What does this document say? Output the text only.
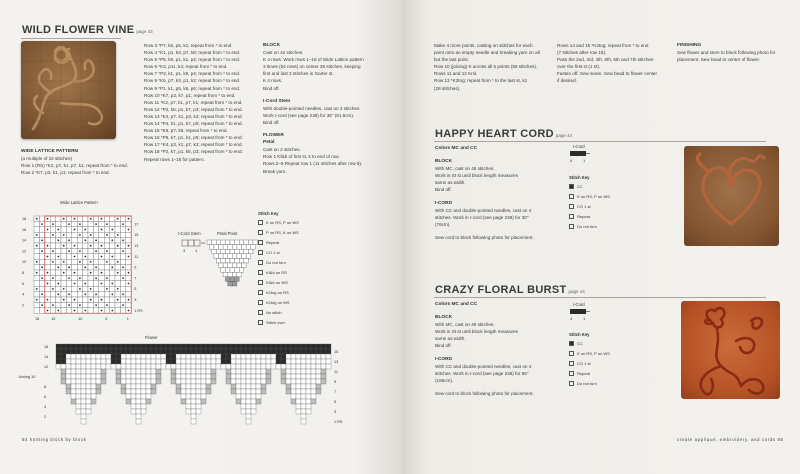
WILD FLOWER VINE page 43

WIDE LATTICE PATTERN

(a multiple of 16 stitches)

Row 1 (RS) *K2, p7, k1, p7, k1; repeat from * to end.

Row 2 *K7, p3, k1, p1; repeat from * to end.

Row 3 *P7, k5, p5, k1; repeat from * to end.

Row 4 *K1, p1, k3, p7, k8; repeat from * to end.

Row 5 *P5, k9, p1, k1, p2; repeat from * to end.

Row 6 *K3, p11, k4; repeat from * to end.

Row 7 *P3, k1, p1, k9, p4; repeat from * to end.

Row 8 *K5, p7, k3, p1, k2; repeat from * to end.

Row 9 *P1, k1, p5, k5, p6; repeat from * to end.

Row 10 *K7, p3, k7, p1; repeat from * to end.

Row 11 *K2, p7, k1, p7, k1; repeat from * to end.

Row 12 *P2, k5, p1, k7, p3; repeat from * to end.

Row 13 *K4, p7, k1, p3, k3; repeat from * to end.

Row 14 *P4, k1, p1, k7, p5; repeat from * to end.

Row 15 *K6, p7, k5; repeat from * to end.

Row 16 *P6, k7, p1, k1, p5; repeat from * to end.

Row 17 *K4, p3, k1, p7, k3; repeat from * to end.

Row 18 *P2, k7, p1, k5, p3; repeat from * to end.

Repeat rows 1–18 for pattern.

BLOCK

Cast on 42 stitches.

K 4 rows. Work rows 1–18 of Wide Lattice pattern

3 times (54 rows) on center 36 stitches, keeping

first and last 3 stitches in Garter st.

K 4 rows.

Bind off.

I-Cord Stem

With double-pointed needles, cast on 3 stitches.

Work I-cord (see page 238) for 36" (91.5cm).

Bind off.

FLOWER

Petal

Cast on 2 stitches.

Row 1 Kf&b of first st, k to end of row.

Rows 2–9 Repeat row 1 (11 stitches after row 9).

Break yarn.

Wide Lattice Pattern
18
16
14
12
10
8
6
4
2
17
15
13
11
9
7
5
3
1 RS
18	15	10	5	1
I-Cord Stem
3 1
Petal Point
Stitch Key
K on RS, P on WS
P on RS, K on WS
Repeat
CO 1 st
Do not turn
Kf&b on RS
Kf&b on WS
K2tog on RS
K2tog on WS
No stitch
Stitch over
Flower
16
14
12
Joining 10
8
6
4
2
15
13
11
9
7
5
3
1 RS
84 knitting block by block

Make 4 more points, casting on stitches for each

point onto an empty needle and breaking yarn on all

but the last point.

Row 10 (joining) K across all 5 points (55 stitches).

Rows 11 and 12 Knit.

Row 13 *K2tog; repeat from * to the last st, k1

(28 stitches).

Rows 14 and 15 *K2tog; repeat from * to end

(7 stitches after row 15).

Pass the 2nd, 3rd, 4th, 5th, 6th and 7th stitches

over the first st (1 st).

Fasten off. Sew seam. Sew bead to flower center

if desired.

FINISHING

Sew flower and stem to block following photo for

placement. Sew bead to center of flower.

HAPPY HEART CORD page 44

Colors MC and CC

BLOCK

With MC, cast on 45 stitches.

Work in St st until block length measures

same as width.

Bind off.

I-CORD

With CC and double-pointed needles, cast on 4

stitches. Work in I-cord (see page 238) for 30"

(76cm).

Sew cord to block following photo for placement.

I-Cord
4	1
Stitch Key
CC
K on RS, P on WS
CO 1 st
Repeat
Do not turn
CRAZY FLORAL BURST page 44

Colors MC and CC

BLOCK

With MC, cast on 45 stitches.

Work in St st until block length measures

same as width.

Bind off.

I-CORD

With CC and double-pointed needles, cast on 4

stitches. Work in I-cord (see page 238) for 65"

(165cm).

Sew cord to block following photo for placement.

I-Cord
4	1
Stitch Key
CC
K on RS, P on WS
CO 1 st
Repeat
Do not turn
create appliqué, embroidery, and cords 85
